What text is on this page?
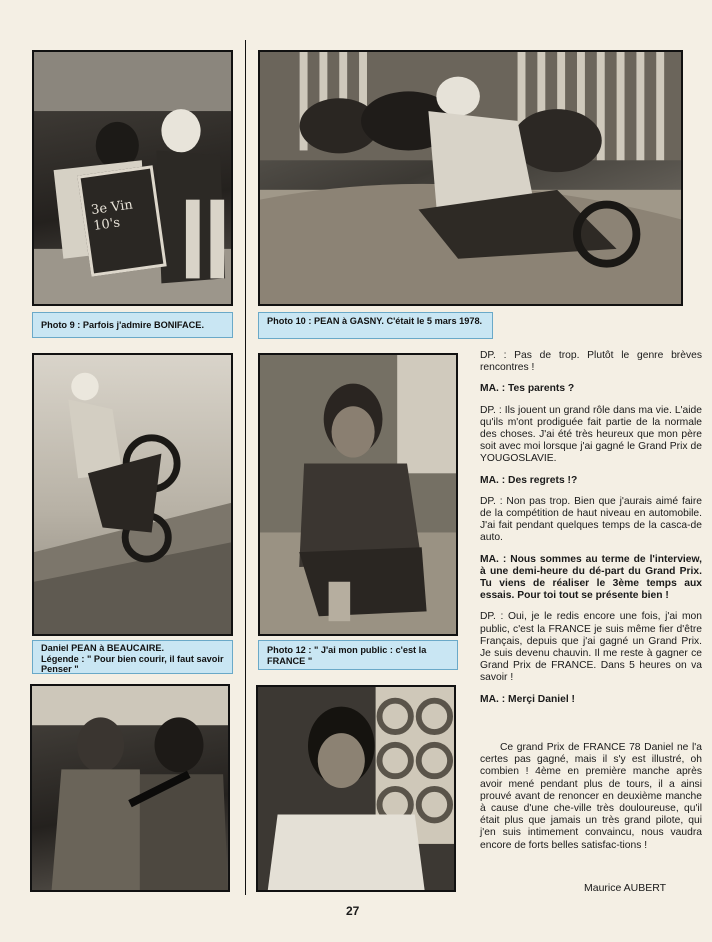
3e Vin 10's
Photo 9 : Parfois j'admire BONIFACE.	Photo 10 : PEAN à GASNY. C'était le 5 mars 1978.
Daniel PEAN à BEAUCAIRE.
Légende : " Pour bien courir, il faut savoir Penser "
Photo 12 : " J'ai mon public : c'est la FRANCE "

DP. : Pas de trop. Plutôt le genre brèves rencontres !

MA. : Tes parents ?

DP. : Ils jouent un grand rôle dans ma vie. L'aide qu'ils m'ont prodiguée fait partie de la normale des choses. J'ai été très heureux que mon père soit avec moi lorsque j'ai gagné le Grand Prix de YOUGOSLAVIE.

MA. : Des regrets !?

DP. : Non pas trop. Bien que j'aurais aimé faire de la compétition de haut niveau en automobile. J'ai fait pendant quelques temps de la casca-de auto.

MA. : Nous sommes au terme de l'interview, à une demi-heure du dé-part du Grand Prix. Tu viens de réaliser le 3ème temps aux essais. Pour toi tout se présente bien !

DP. : Oui, je le redis encore une fois, j'ai mon public, c'est la FRANCE je suis même fier d'être Français, depuis que j'ai gagné un Grand Prix. Je suis devenu chauvin. Il me reste à gagner ce Grand Prix de FRANCE. Dans 5 heures on va savoir !

MA. : Merçi Daniel !

Ce grand Prix de FRANCE 78 Daniel ne l'a certes pas gagné, mais il s'y est illustré, oh combien ! 4ème en première manche après avoir mené pendant plus de tours, il a ainsi prouvé avant de renoncer en deuxième manche à cause d'une che-ville très douloureuse, qu'il était plus que jamais un très grand pilote, qui j'en suis intimement convaincu, nous vaudra encore de forts belles satisfac-tions !

Maurice AUBERT
27
